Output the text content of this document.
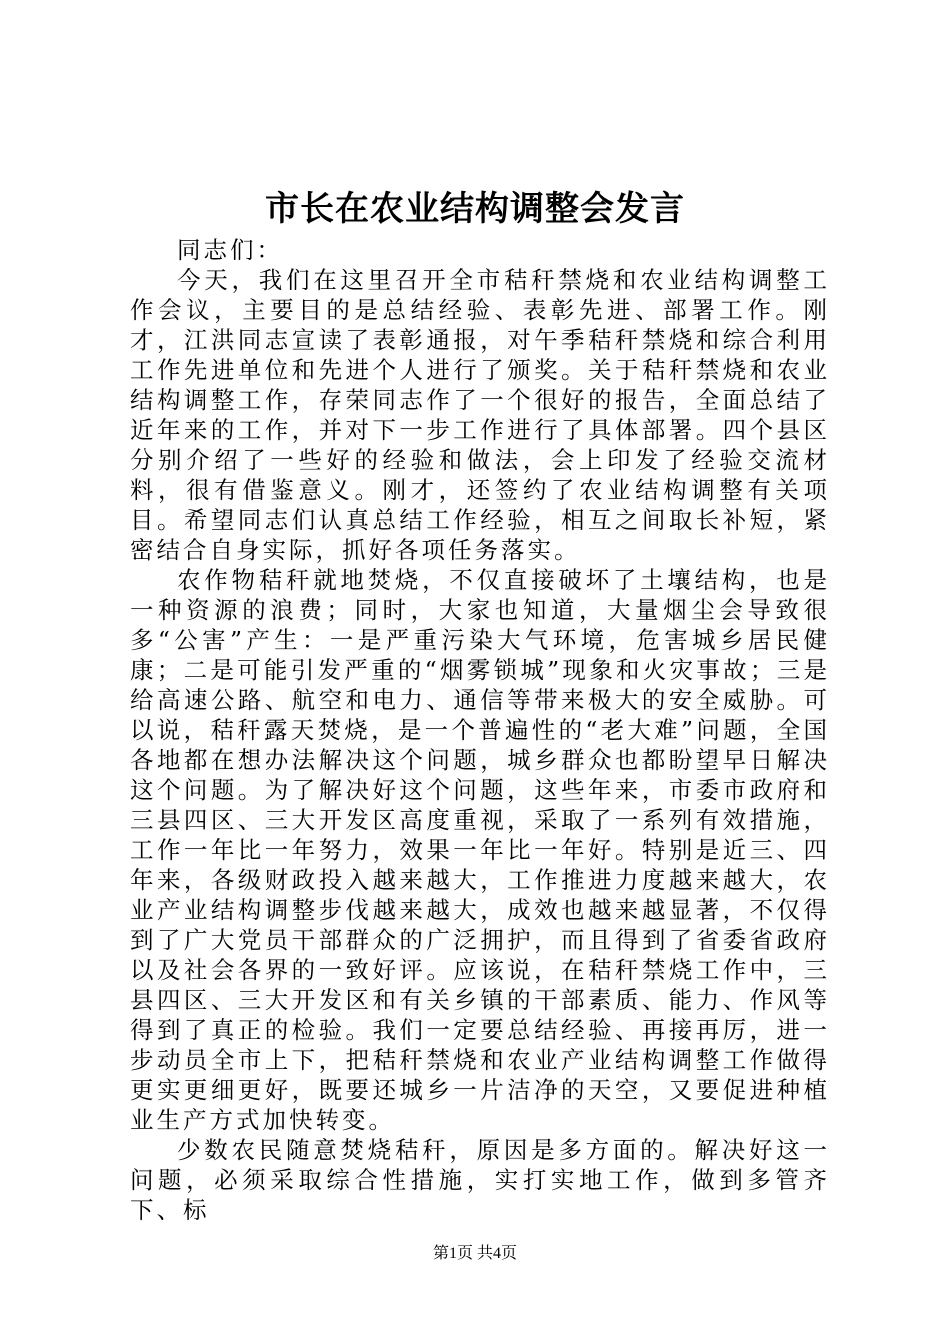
市长在农业结构调整会发言

同志们：

今天，我们在这里召开全市秸秆禁烧和农业结构调整工作会议，主要目的是总结经验、表彰先进、部署工作。刚才，江洪同志宣读了表彰通报，对午季秸秆禁烧和综合利用工作先进单位和先进个人进行了颁奖。关于秸秆禁烧和农业结构调整工作，存荣同志作了一个很好的报告，全面总结了近年来的工作，并对下一步工作进行了具体部署。四个县区分别介绍了一些好的经验和做法，会上印发了经验交流材料，很有借鉴意义。刚才，还签约了农业结构调整有关项目。希望同志们认真总结工作经验，相互之间取长补短，紧密结合自身实际，抓好各项任务落实。

农作物秸秆就地焚烧，不仅直接破坏了土壤结构，也是一种资源的浪费；同时，大家也知道，大量烟尘会导致很多“公害”产生：一是严重污染大气环境，危害城乡居民健康；二是可能引发严重的“烟雾锁城”现象和火灾事故；三是给高速公路、航空和电力、通信等带来极大的安全威胁。可以说，秸秆露天焚烧，是一个普遍性的“老大难”问题，全国各地都在想办法解决这个问题，城乡群众也都盼望早日解决这个问题。为了解决好这个问题，这些年来，市委市政府和三县四区、三大开发区高度重视，采取了一系列有效措施，工作一年比一年努力，效果一年比一年好。特别是近三、四年来，各级财政投入越来越大，工作推进力度越来越大，农业产业结构调整步伐越来越大，成效也越来越显著，不仅得到了广大党员干部群众的广泛拥护，而且得到了省委省政府以及社会各界的一致好评。应该说，在秸秆禁烧工作中，三县四区、三大开发区和有关乡镇的干部素质、能力、作风等得到了真正的检验。我们一定要总结经验、再接再厉，进一步动员全市上下，把秸秆禁烧和农业产业结构调整工作做得更实更细更好，既要还城乡一片洁净的天空，又要促进种植业生产方式加快转变。

少数农民随意焚烧秸秆，原因是多方面的。解决好这一问题，必须采取综合性措施，实打实地工作，做到多管齐下、标

第1页 共4页
